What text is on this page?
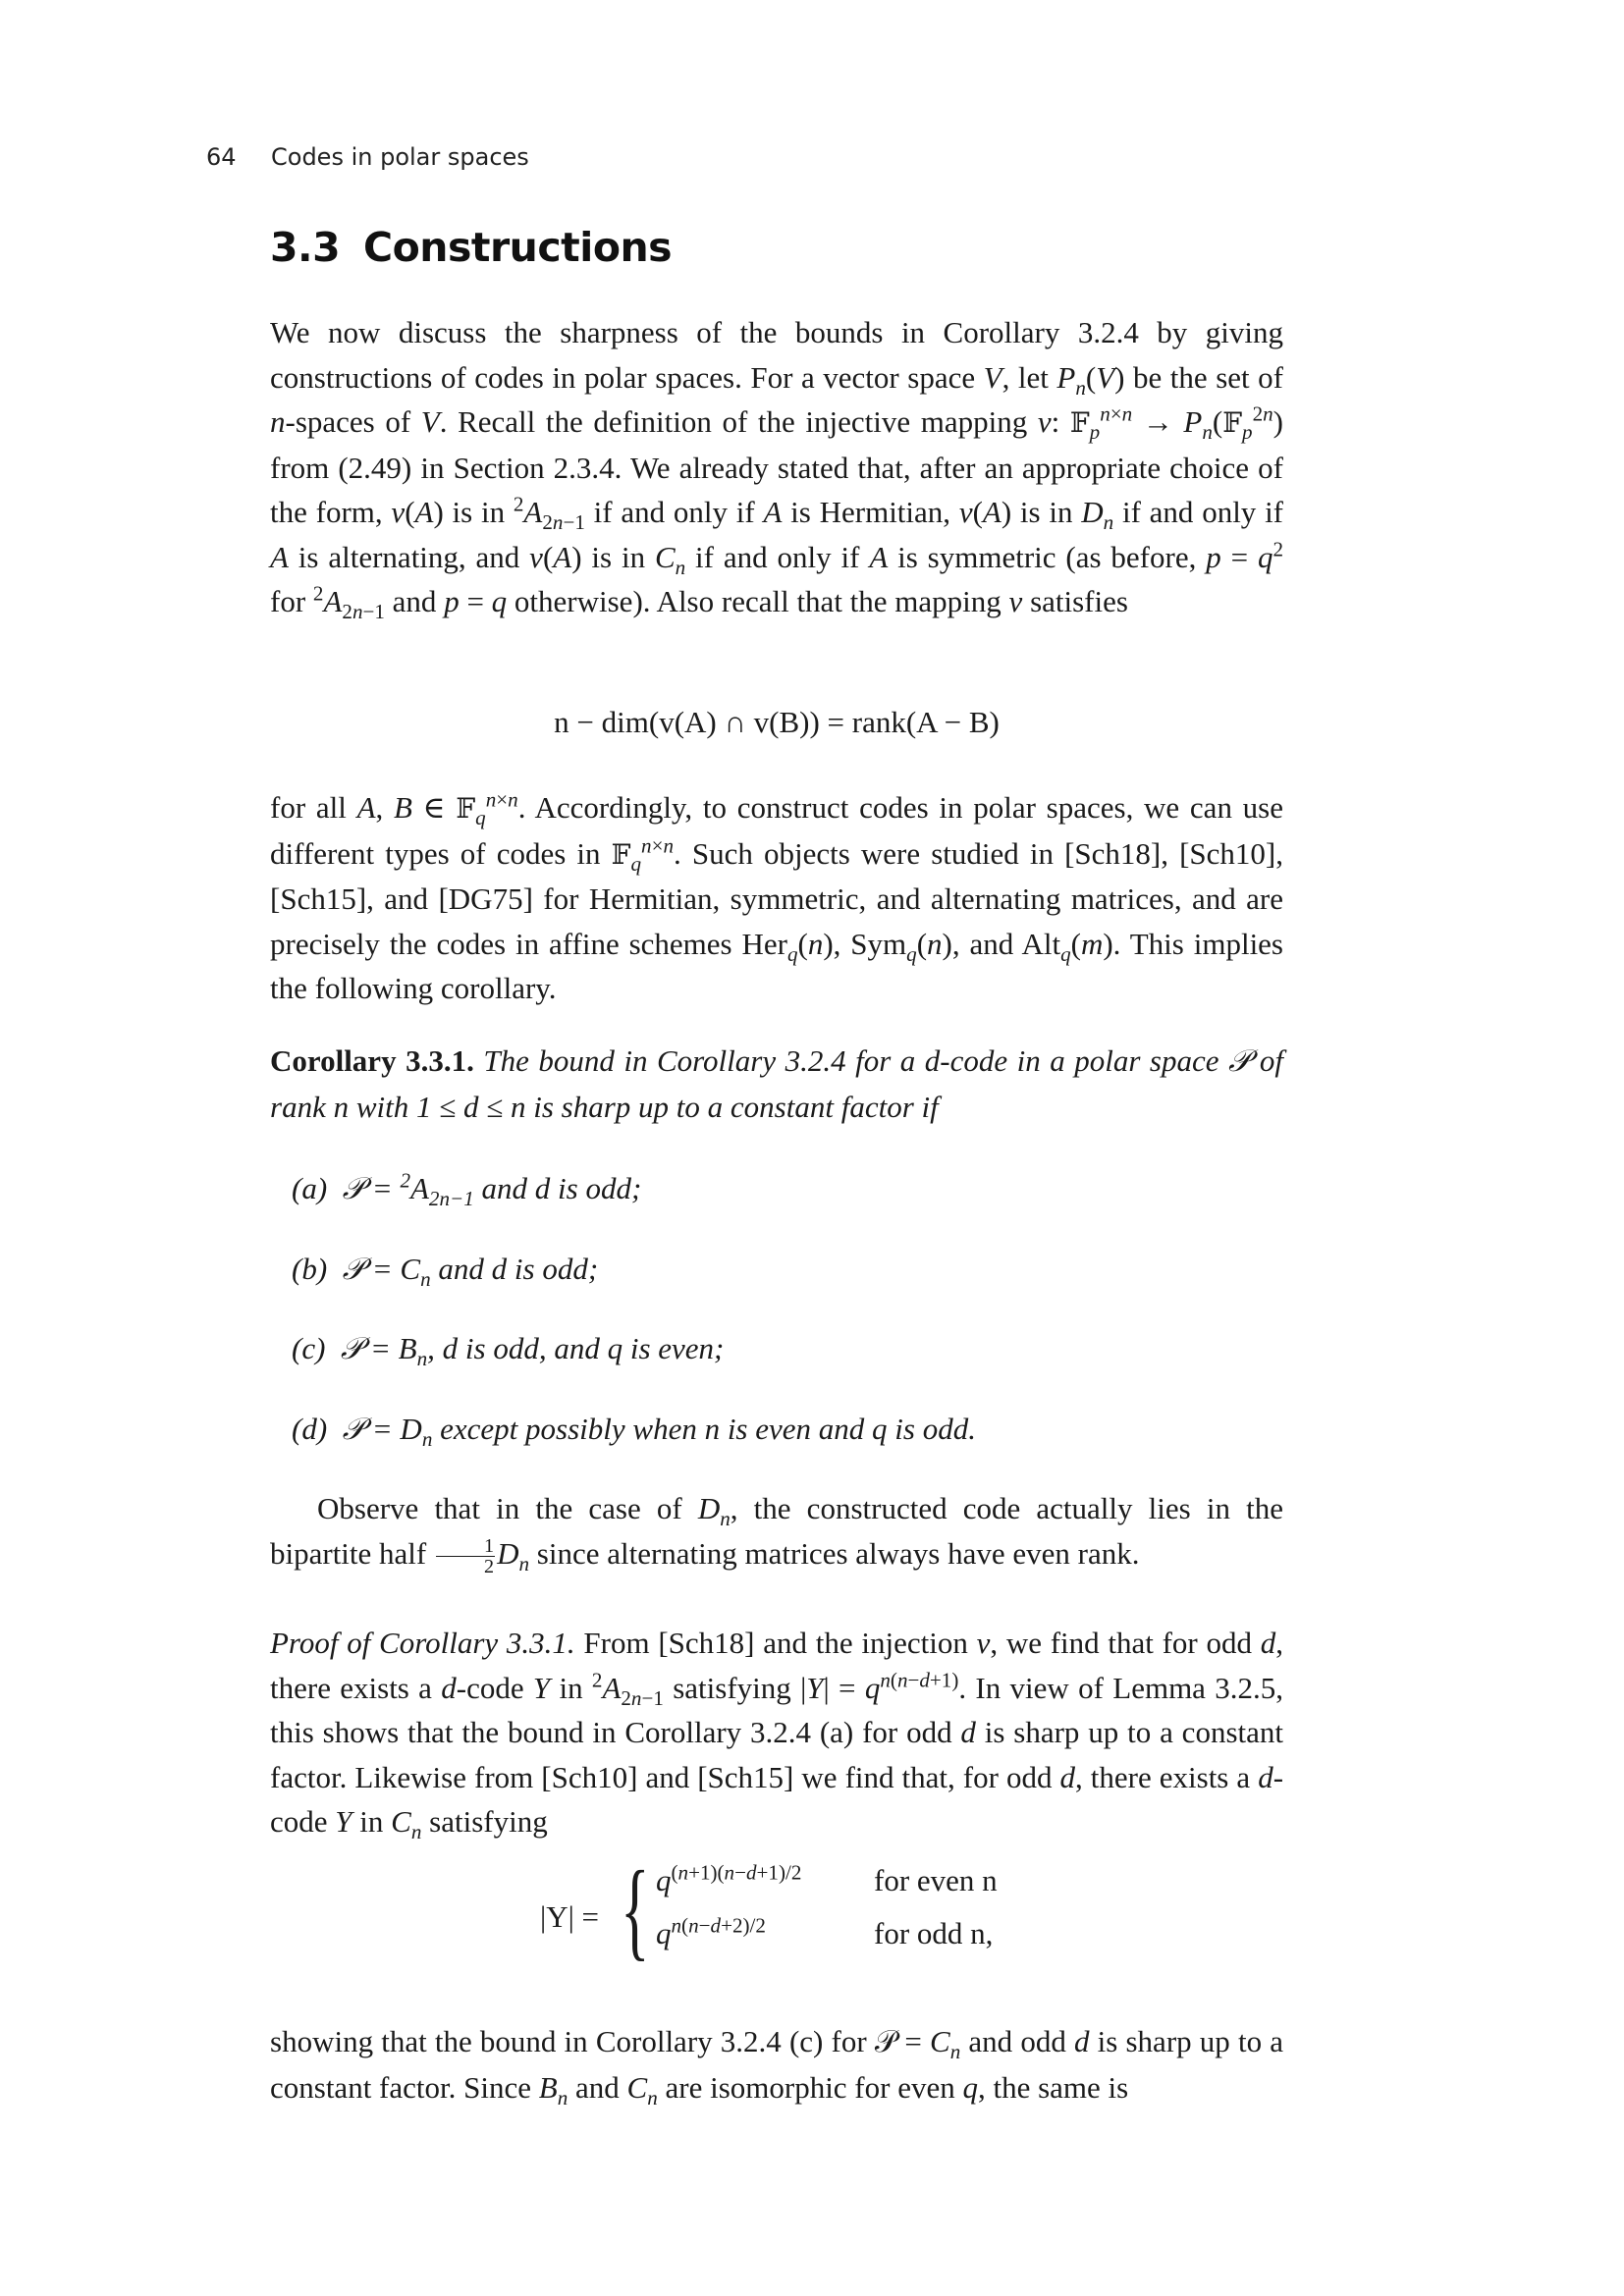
64 Codes in polar spaces
3.3 Constructions

We now discuss the sharpness of the bounds in Corollary 3.2.4 by giving constructions of codes in polar spaces. For a vector space V, let $P_n(V)$ be the set of n-spaces of V. Recall the definition of the injective mapping v: 𝔽$_p^{n\times n}$ → $P_n(𝔽_p^{2n})$ from (2.49) in Section 2.3.4. We already stated that, after an appropriate choice of the form, v(A) is in $^2A_{2n-1}$ if and only if A is Hermitian, v(A) is in $D_n$ if and only if A is alternating, and v(A) is in $C_n$ if and only if A is symmetric (as before, $p = q^2$ for $^2A_{2n-1}$ and p = q otherwise). Also recall that the mapping v satisfies

n − dim(v(A) ∩ v(B)) = rank(A − B)

for all A, B ∈ 𝔽$_q^{n\times n}$. Accordingly, to construct codes in polar spaces, we can use different types of codes in 𝔽$_q^{n\times n}$. Such objects were studied in [Sch18], [Sch10], [Sch15], and [DG75] for Hermitian, symmetric, and alternating matrices, and are precisely the codes in affine schemes Her$_q$(n), Sym$_q$(n), and Alt$_q$(m). This implies the following corollary.

Corollary 3.3.1. The bound in Corollary 3.2.4 for a d-code in a polar space 𝒫 of rank n with 1 ≤ d ≤ n is sharp up to a constant factor if

(a) 𝒫 = $^2A_{2n-1}$ and d is odd;
(b) 𝒫 = $C_n$ and d is odd;
(c) 𝒫 = $B_n$, d is odd, and q is even;
(d) 𝒫 = $D_n$ except possibly when n is even and q is odd.

Observe that in the case of $D_n$, the constructed code actually lies in the bipartite half $\frac{1}{2} D_n$ since alternating matrices always have even rank.

Proof of Corollary 3.3.1. From [Sch18] and the injection v, we find that for odd d, there exists a d-code Y in $^2A_{2n-1}$ satisfying $|Y| = q^{n(n-d+1)}$. In view of Lemma 3.2.5, this shows that the bound in Corollary 3.2.4 (a) for odd d is sharp up to a constant factor. Likewise from [Sch10] and [Sch15] we find that, for odd d, there exists a d-code Y in $C_n$ satisfying

|Y| = { $q^{(n+1)(n-d+1)/2}$
$q^{n(n-d+2)/2}$
for even n
for odd n,

showing that the bound in Corollary 3.2.4 (c) for 𝒫 = $C_n$ and odd d is sharp up to a constant factor. Since $B_n$ and $C_n$ are isomorphic for even q, the same is
